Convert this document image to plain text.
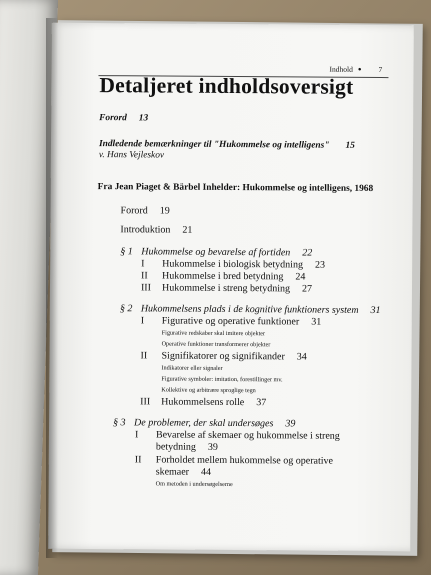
Indhold ● 7
Detaljeret indholdsoversigt
Forord 13
Indledende bemærkninger til "Hukommelse og intelligens" 15
v. Hans Vejleskov
Fra Jean Piaget & Bärbel Inhelder: Hukommelse og intelligens, 1968
Forord 19
Introduktion 21
§ 1 Hukommelse og bevarelse af fortiden 22
I Hukommelse i biologisk betydning 23
II Hukommelse i bred betydning 24
III Hukommelse i streng betydning 27
§ 2 Hukommelsens plads i de kognitive funktioners system 31
I Figurative og operative funktioner 31
Figurative redskaber skal imitere objekter
Operative funktioner transformerer objekter
II Signifikatorer og signifikander 34
Indikatorer eller signaler
Figurative symboler: imitation, forestillinger mv.
Kollektive og arbitrære sproglige tegn
III Hukommelsens rolle 37
§ 3 De problemer, der skal undersøges 39
I Bevarelse af skemaer og hukommelse i streng
betydning 39
II Forholdet mellem hukommelse og operative
skemaer 44
Om metoden i undersøgelserne
